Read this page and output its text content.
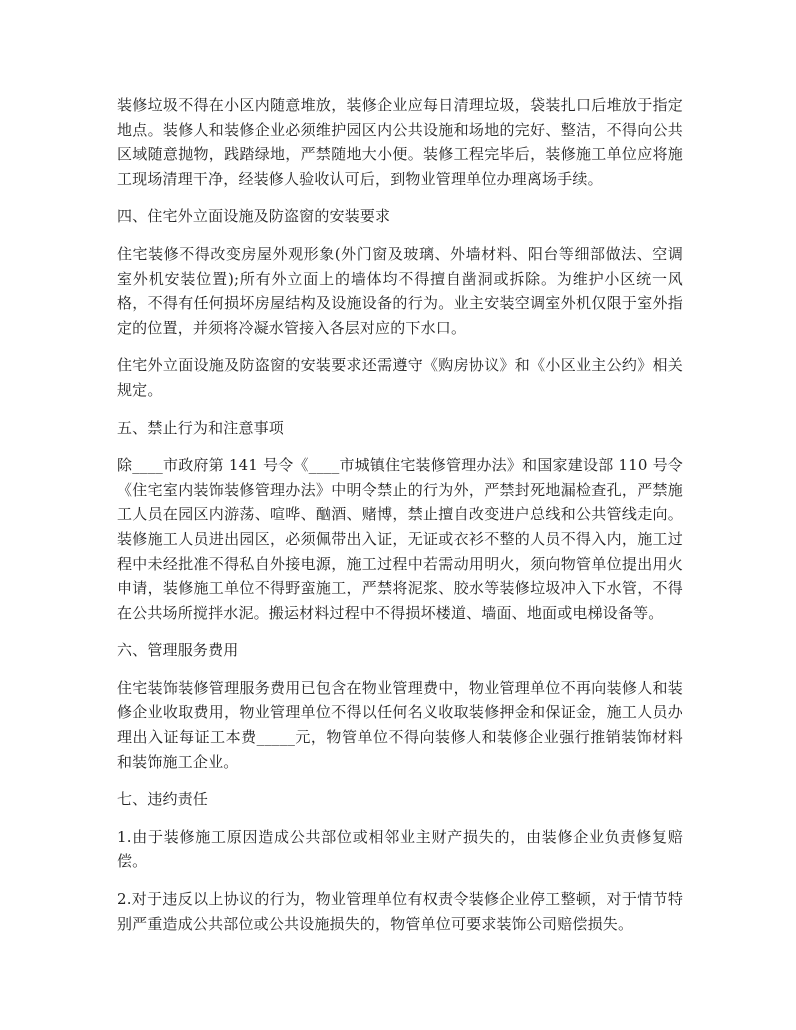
装修垃圾不得在小区内随意堆放，装修企业应每日清理垃圾，袋装扎口后堆放于指定地点。装修人和装修企业必须维护园区内公共设施和场地的完好、整洁，不得向公共区域随意抛物，践踏绿地，严禁随地大小便。装修工程完毕后，装修施工单位应将施工现场清理干净，经装修人验收认可后，到物业管理单位办理离场手续。

四、住宅外立面设施及防盗窗的安装要求

住宅装修不得改变房屋外观形象(外门窗及玻璃、外墙材料、阳台等细部做法、空调室外机安装位置);所有外立面上的墙体均不得擅自凿洞或拆除。为维护小区统一风格，不得有任何损坏房屋结构及设施设备的行为。业主安装空调室外机仅限于室外指定的位置，并须将冷凝水管接入各层对应的下水口。

住宅外立面设施及防盗窗的安装要求还需遵守《购房协议》和《小区业主公约》相关规定。

五、禁止行为和注意事项

除____市政府第 141 号令《____市城镇住宅装修管理办法》和国家建设部 110 号令《住宅室内装饰装修管理办法》中明令禁止的行为外，严禁封死地漏检查孔，严禁施工人员在园区内游荡、喧哗、酗酒、赌博，禁止擅自改变进户总线和公共管线走向。装修施工人员进出园区，必须佩带出入证，无证或衣衫不整的人员不得入内，施工过程中未经批准不得私自外接电源，施工过程中若需动用明火，须向物管单位提出用火申请，装修施工单位不得野蛮施工，严禁将泥浆、胶水等装修垃圾冲入下水管，不得在公共场所搅拌水泥。搬运材料过程中不得损坏楼道、墙面、地面或电梯设备等。

六、管理服务费用

住宅装饰装修管理服务费用已包含在物业管理费中，物业管理单位不再向装修人和装修企业收取费用，物业管理单位不得以任何名义收取装修押金和保证金，施工人员办理出入证每证工本费_____元，物管单位不得向装修人和装修企业强行推销装饰材料和装饰施工企业。

七、违约责任

1.由于装修施工原因造成公共部位或相邻业主财产损失的，由装修企业负责修复赔偿。

2.对于违反以上协议的行为，物业管理单位有权责令装修企业停工整顿，对于情节特别严重造成公共部位或公共设施损失的，物管单位可要求装饰公司赔偿损失。
